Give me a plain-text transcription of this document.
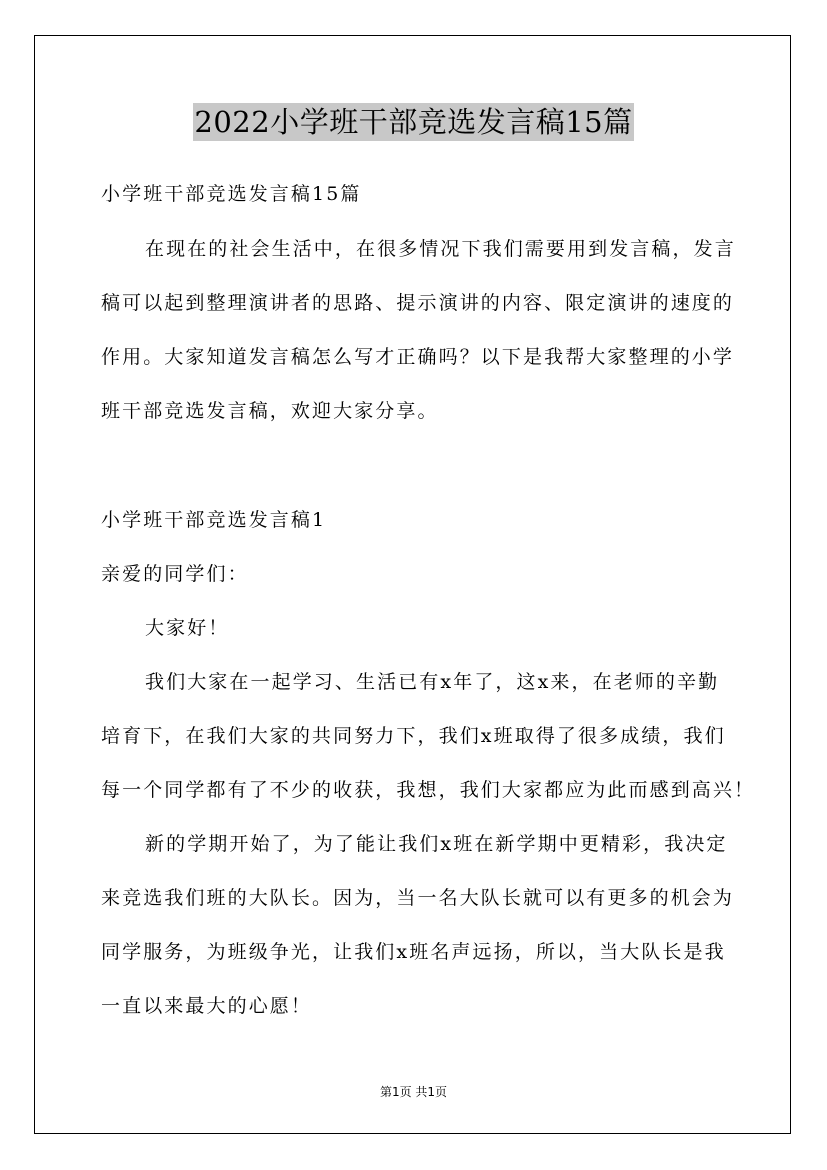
2022小学班干部竞选发言稿15篇
小学班干部竞选发言稿15篇
在现在的社会生活中，在很多情况下我们需要用到发言稿，发言
稿可以起到整理演讲者的思路、提示演讲的内容、限定演讲的速度的
作用。大家知道发言稿怎么写才正确吗？以下是我帮大家整理的小学
班干部竞选发言稿，欢迎大家分享。
小学班干部竞选发言稿1
亲爱的同学们：
大家好！
我们大家在一起学习、生活已有x年了，这x来，在老师的辛勤
培育下，在我们大家的共同努力下，我们x班取得了很多成绩，我们
每一个同学都有了不少的收获，我想，我们大家都应为此而感到高兴！
新的学期开始了，为了能让我们x班在新学期中更精彩，我决定
来竞选我们班的大队长。因为，当一名大队长就可以有更多的机会为
同学服务，为班级争光，让我们x班名声远扬，所以，当大队长是我
一直以来最大的心愿！
第1页 共1页
